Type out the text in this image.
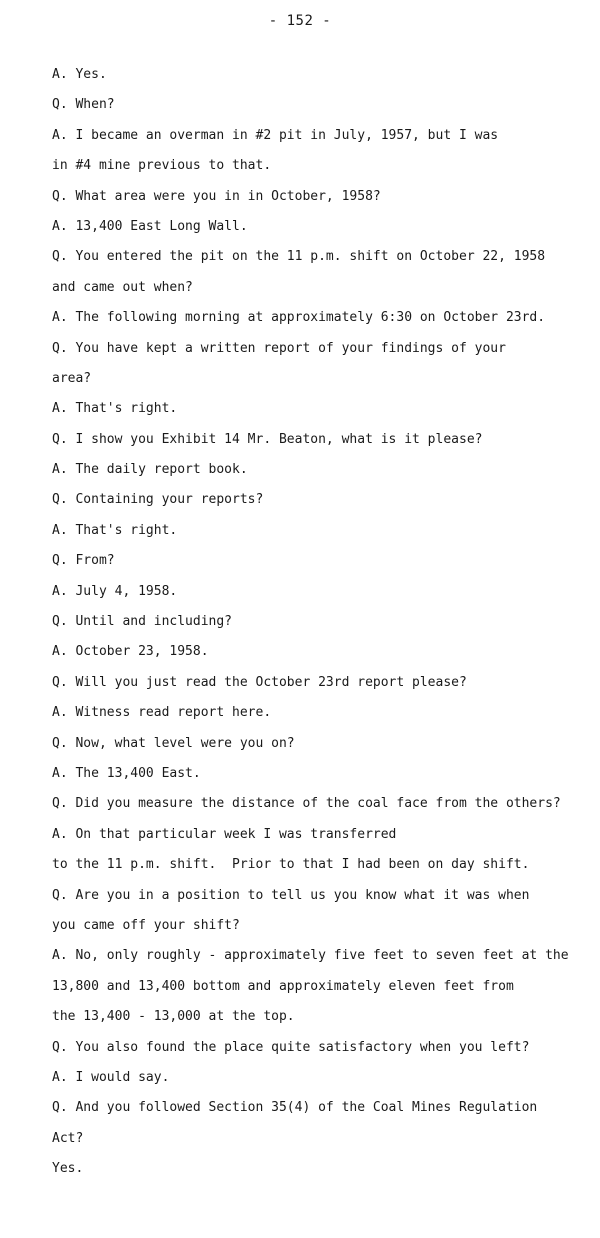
- 152 -
A. Yes.
Q. When?
A. I became an overman in #2 pit in July, 1957, but I was
in #4 mine previous to that.
Q. What area were you in in October, 1958?
A. 13,400 East Long Wall.
Q. You entered the pit on the 11 p.m. shift on October 22, 1958
and came out when?
A. The following morning at approximately 6:30 on October 23rd.
Q. You have kept a written report of your findings of your
area?
A. That's right.
Q. I show you Exhibit 14 Mr. Beaton, what is it please?
A. The daily report book.
Q. Containing your reports?
A. That's right.
Q. From?
A. July 4, 1958.
Q. Until and including?
A. October 23, 1958.
Q. Will you just read the October 23rd report please?
A. Witness read report here.
Q. Now, what level were you on?
A. The 13,400 East.
Q. Did you measure the distance of the coal face from the others?
A. On that particular week I was transferred
to the 11 p.m. shift.  Prior to that I had been on day shift.
Q. Are you in a position to tell us you know what it was when
you came off your shift?
A. No, only roughly - approximately five feet to seven feet at the
13,800 and 13,400 bottom and approximately eleven feet from
the 13,400 - 13,000 at the top.
Q. You also found the place quite satisfactory when you left?
A. I would say.
Q. And you followed Section 35(4) of the Coal Mines Regulation
Act?
Yes.
